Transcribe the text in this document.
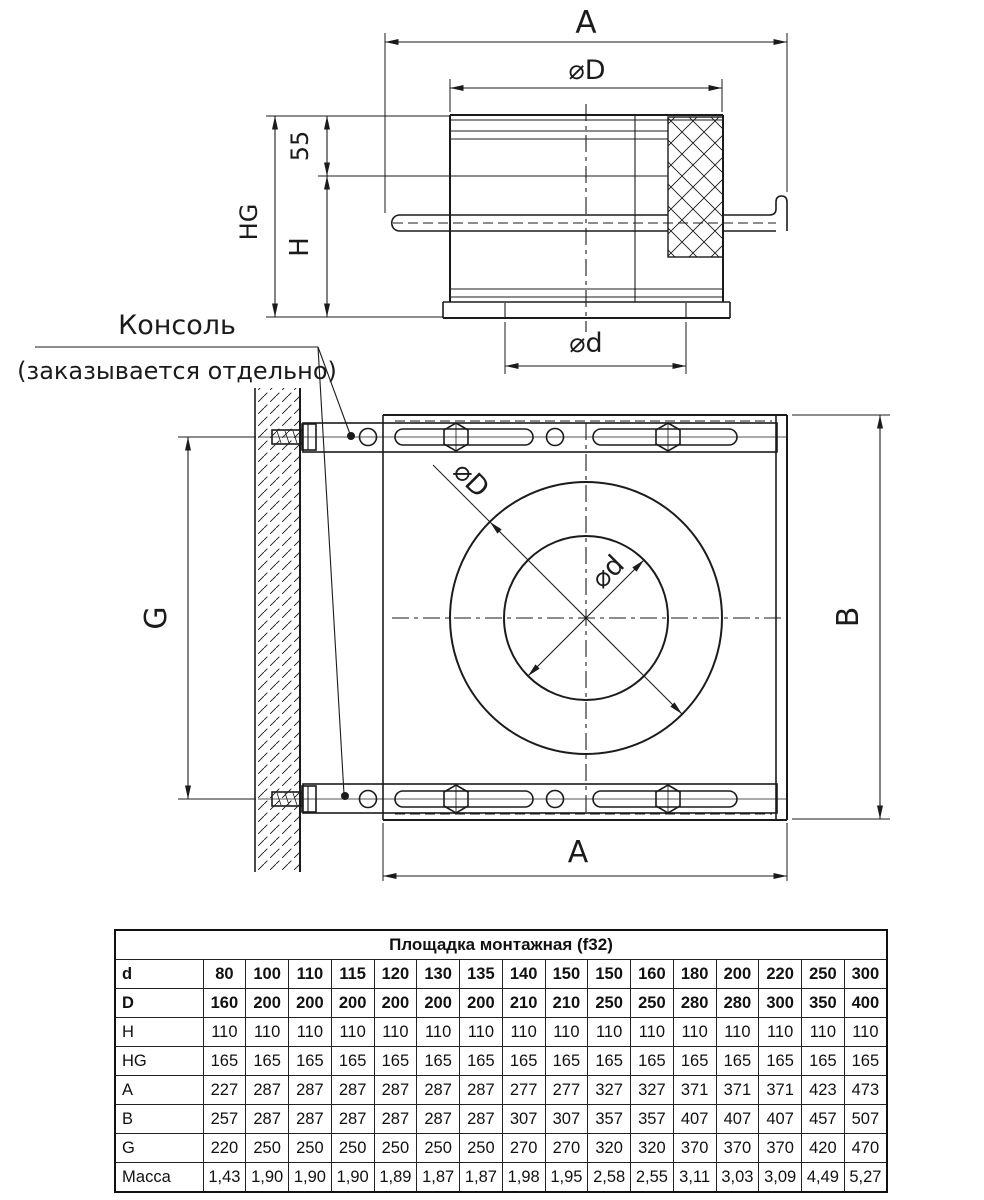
A
⌀D
HG
55
H
⌀d
⌀D
⌀d
G	B
A
Консоль
(заказывается отдельно)
Площадка монтажная (f32)																
d	80	100	110	115	120	130	135	140	150	150	160	180	200	220	250	300
D	160	200	200	200	200	200	200	210	210	250	250	280	280	300	350	400
H	110	110	110	110	110	110	110	110	110	110	110	110	110	110	110	110
HG	165	165	165	165	165	165	165	165	165	165	165	165	165	165	165	165
A	227	287	287	287	287	287	287	277	277	327	327	371	371	371	423	473
B	257	287	287	287	287	287	287	307	307	357	357	407	407	407	457	507
G	220	250	250	250	250	250	250	270	270	320	320	370	370	370	420	470
Масса	1,43	1,90	1,90	1,90	1,89	1,87	1,87	1,98	1,95	2,58	2,55	3,11	3,03	3,09	4,49	5,27
